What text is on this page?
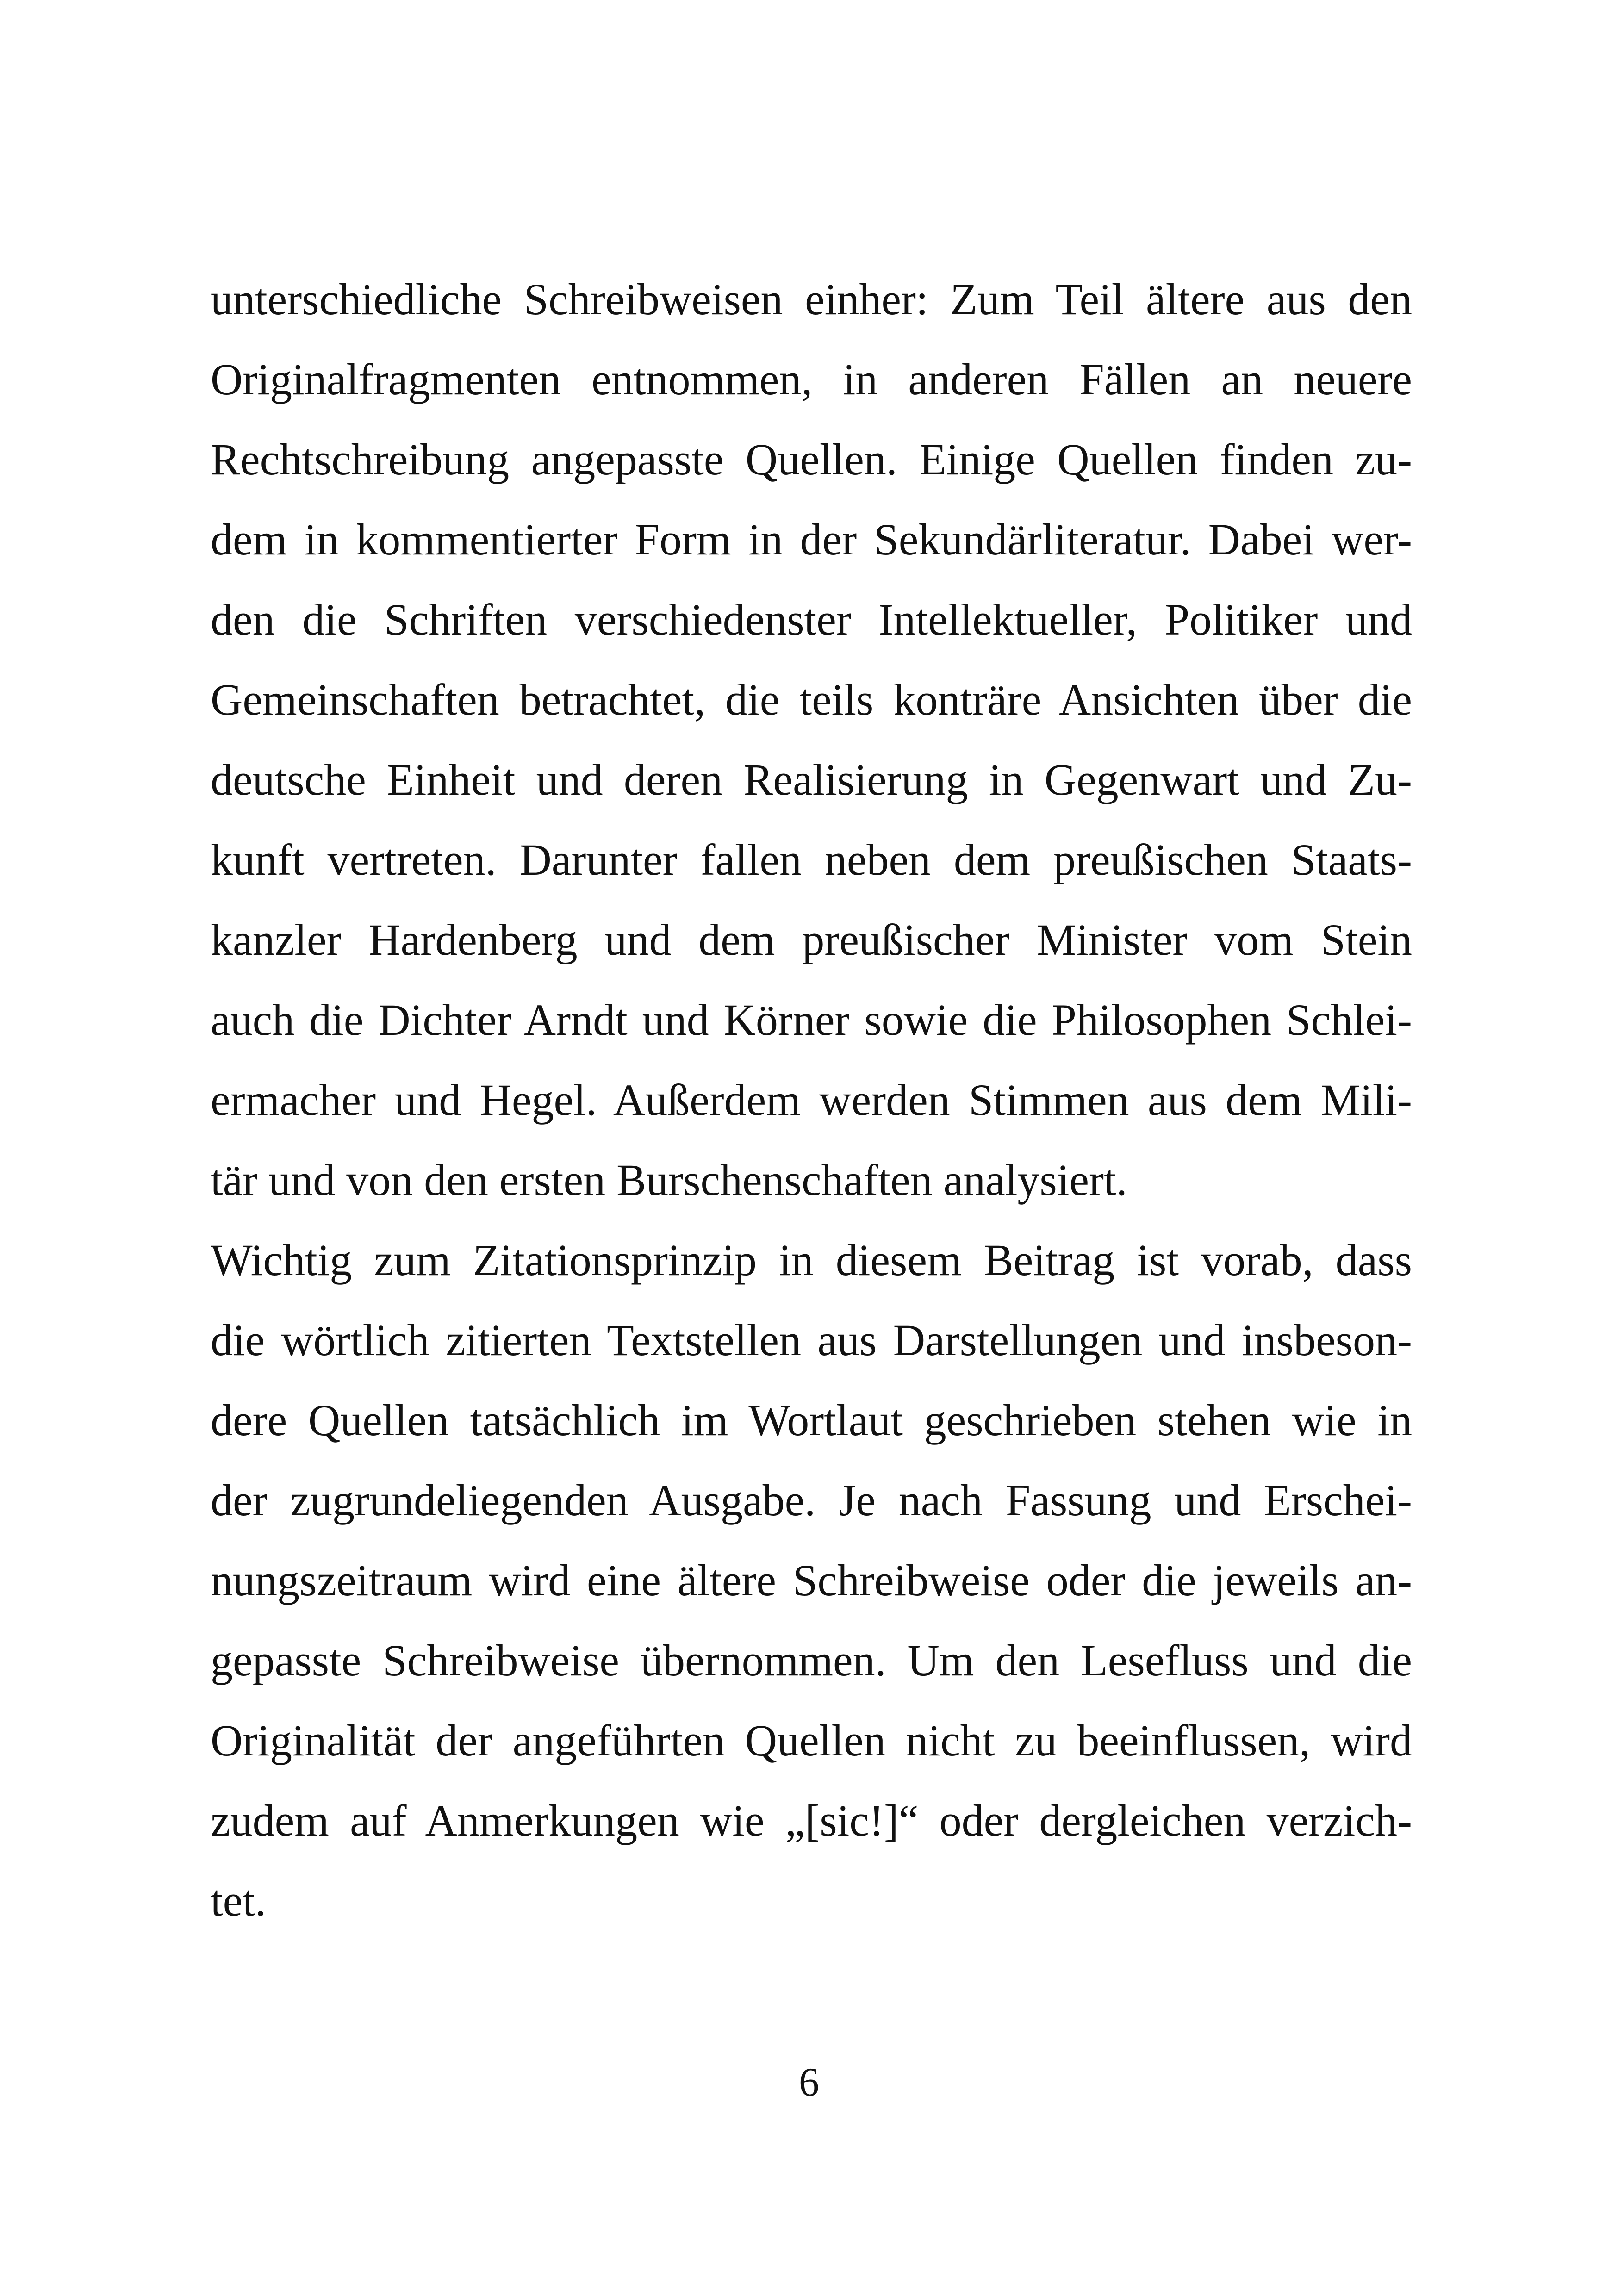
unterschiedliche Schreibweisen einher: Zum Teil ältere aus den
Originalfragmenten entnommen, in anderen Fällen an neuere
Rechtschreibung angepasste Quellen. Einige Quellen finden zu-
dem in kommentierter Form in der Sekundärliteratur. Dabei wer-
den die Schriften verschiedenster Intellektueller, Politiker und
Gemeinschaften betrachtet, die teils konträre Ansichten über die
deutsche Einheit und deren Realisierung in Gegenwart und Zu-
kunft vertreten. Darunter fallen neben dem preußischen Staats-
kanzler Hardenberg und dem preußischer Minister vom Stein
auch die Dichter Arndt und Körner sowie die Philosophen Schlei-
ermacher und Hegel. Außerdem werden Stimmen aus dem Mili-
tär und von den ersten Burschenschaften analysiert.
Wichtig zum Zitationsprinzip in diesem Beitrag ist vorab, dass
die wörtlich zitierten Textstellen aus Darstellungen und insbeson-
dere Quellen tatsächlich im Wortlaut geschrieben stehen wie in
der zugrundeliegenden Ausgabe. Je nach Fassung und Erschei-
nungszeitraum wird eine ältere Schreibweise oder die jeweils an-
gepasste Schreibweise übernommen. Um den Lesefluss und die
Originalität der angeführten Quellen nicht zu beeinflussen, wird
zudem auf Anmerkungen wie „[sic!]“ oder dergleichen verzich-
tet.
6
